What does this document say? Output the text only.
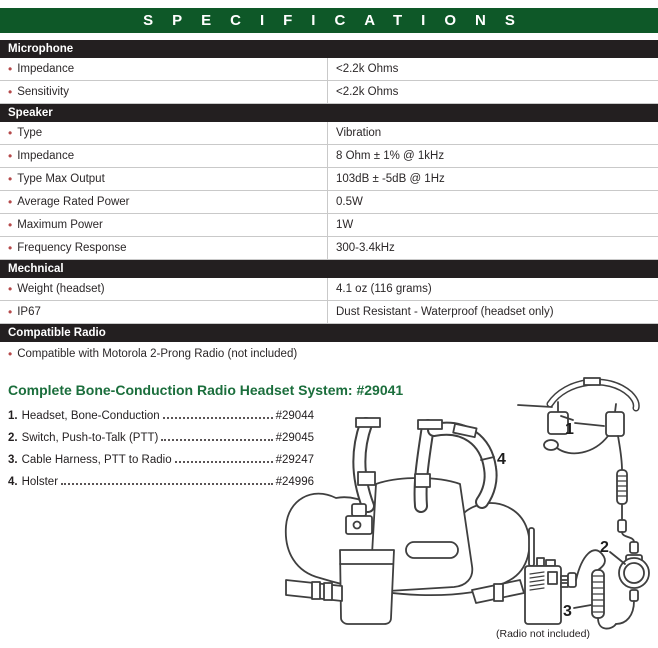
SPECIFICATIONS
Microphone
• Impedance	<2.2k Ohms
• Sensitivity	<2.2k Ohms
Speaker
• Type	Vibration
• Impedance	8 Ohm ± 1% @ 1kHz
• Type Max Output	103dB ± -5dB @ 1Hz
• Average Rated Power	0.5W
• Maximum Power	1W
• Frequency Response	300-3.4kHz
Mechnical
• Weight (headset)	4.1 oz (116 grams)
• IP67	Dust Resistant - Waterproof (headset only)
Compatible Radio
• Compatible with Motorola 2-Prong Radio (not included)
Complete Bone-Conduction Radio Headset System: #29041
1. Headset, Bone-Conduction	#29044
2. Switch, Push-to-Talk (PTT)	#29045
3. Cable Harness, PTT to Radio	#29247
4. Holster	#24996
1
2
3
4
(Radio not included)
